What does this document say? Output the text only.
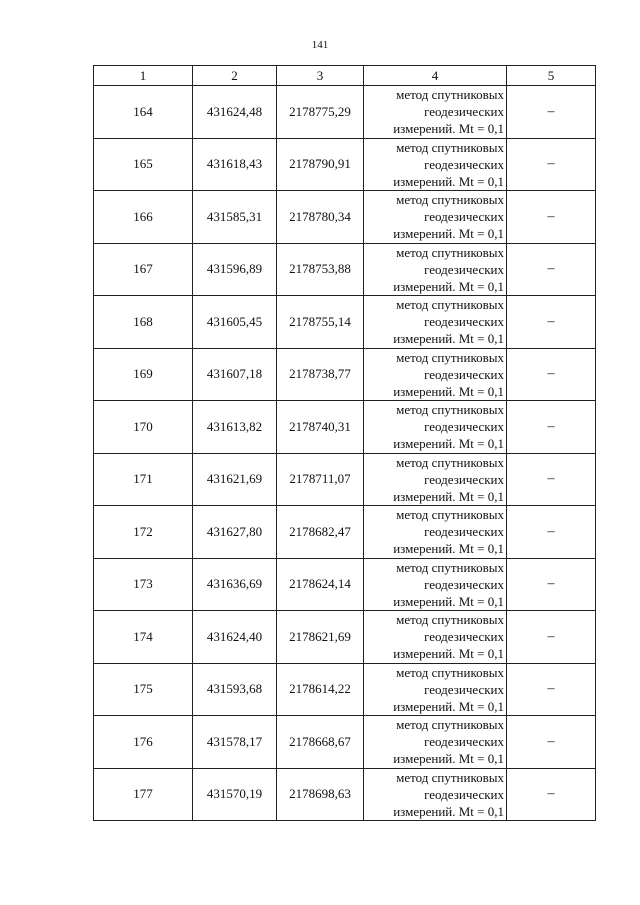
141
1	2	3	4	5
164	431624,48	2178775,29	метод спутниковых
геодезических
измерений. Mt = 0,1	–
165	431618,43	2178790,91	метод спутниковых
геодезических
измерений. Mt = 0,1	–
166	431585,31	2178780,34	метод спутниковых
геодезических
измерений. Mt = 0,1	–
167	431596,89	2178753,88	метод спутниковых
геодезических
измерений. Mt = 0,1	–
168	431605,45	2178755,14	метод спутниковых
геодезических
измерений. Mt = 0,1	–
169	431607,18	2178738,77	метод спутниковых
геодезических
измерений. Mt = 0,1	–
170	431613,82	2178740,31	метод спутниковых
геодезических
измерений. Mt = 0,1	–
171	431621,69	2178711,07	метод спутниковых
геодезических
измерений. Mt = 0,1	–
172	431627,80	2178682,47	метод спутниковых
геодезических
измерений. Mt = 0,1	–
173	431636,69	2178624,14	метод спутниковых
геодезических
измерений. Mt = 0,1	–
174	431624,40	2178621,69	метод спутниковых
геодезических
измерений. Mt = 0,1	–
175	431593,68	2178614,22	метод спутниковых
геодезических
измерений. Mt = 0,1	–
176	431578,17	2178668,67	метод спутниковых
геодезических
измерений. Mt = 0,1	–
177	431570,19	2178698,63	метод спутниковых
геодезических
измерений. Mt = 0,1	–
